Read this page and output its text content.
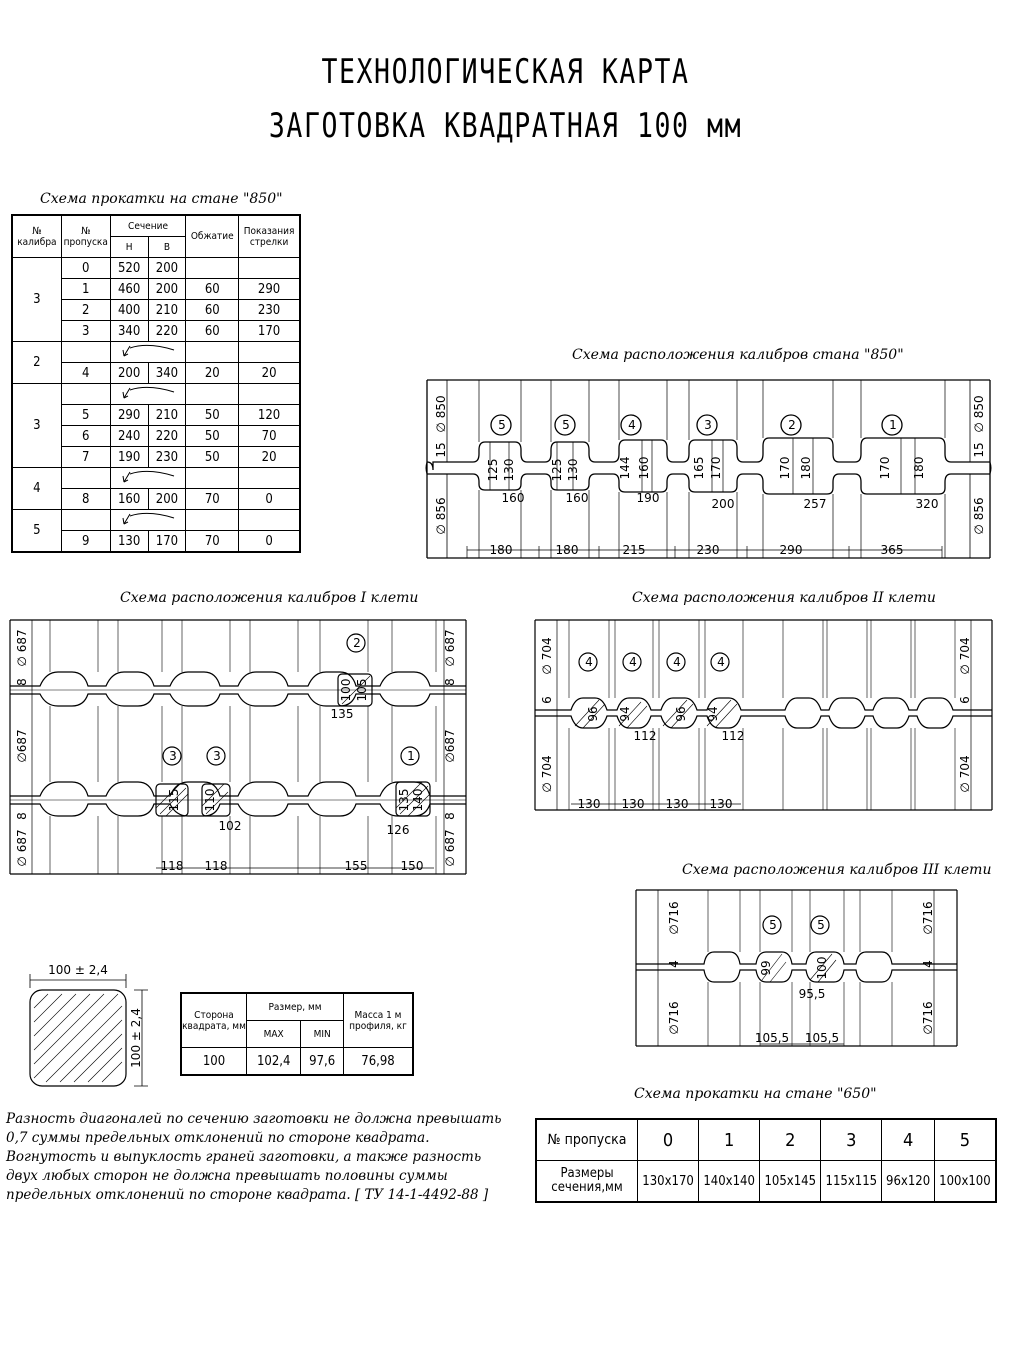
ТЕХНОЛОГИЧЕСКАЯ КАРТА
ЗАГОТОВКА КВАДРАТНАЯ 100 мм
Схема прокатки на стане "850"
№ калибра	№ пропуска	Сечение		Обжатие	Показания стрелки
		Н	В		
3	0	520	200		
	1	460	200	60	290
	2	400	210	60	230
	3	340	220	60	170
2				
	4	200	340	20	20
3				
	5	290	210	50	120
	6	240	220	50	70
	7	190	230	50	20
4				
	8	160	200	70	0
5				
	9	130	170	70	0
Схема расположения калибров стана "850"
5	5	4	3	2	1
160	160	190	200	257	320
180	180	215	230	290	365
125 130	125 130	144 160	165 170	170 180	170 180
∅ 850
15
∅ 856
∅ 850
15
∅ 856
Схема расположения калибров I клети
2
3	3	1
100 105
135
115 110
102
135 140
126
118 118	155	150
∅ 687
8
∅687
8
∅ 687
∅ 687
8
∅687
8
∅ 687
Схема расположения калибров II клети
4	4	4	4
96 94	96 94
112	112
130 130 130 130
∅ 704
6
∅ 704
∅ 704
6
∅ 704
Схема расположения калибров III клети
5	5
99	100
95,5
105,5 105,5
∅716
4
∅716
∅716
4
∅716
100 ± 2,4
100 ± 2,4	Сторона квадрата, мм	Размер, мм		Масса 1 м профиля, кг
	MAX	MIN	
100	102,4	97,6	76,98
Разность диагоналей по сечению заготовки не должна превышать
0,7 суммы предельных отклонений по стороне квадрата.
Вогнутость и выпуклость граней заготовки, а также разность
двух любых сторон не должна превышать половины суммы
предельных отклонений по стороне квадрата. [ ТУ 14-1-4492-88 ]
Схема прокатки на стане "650"
№ пропуска	0	1	2	3	4	5
Размеры сечения,мм	130x170	140x140	105x145	115x115	96x120	100x100
